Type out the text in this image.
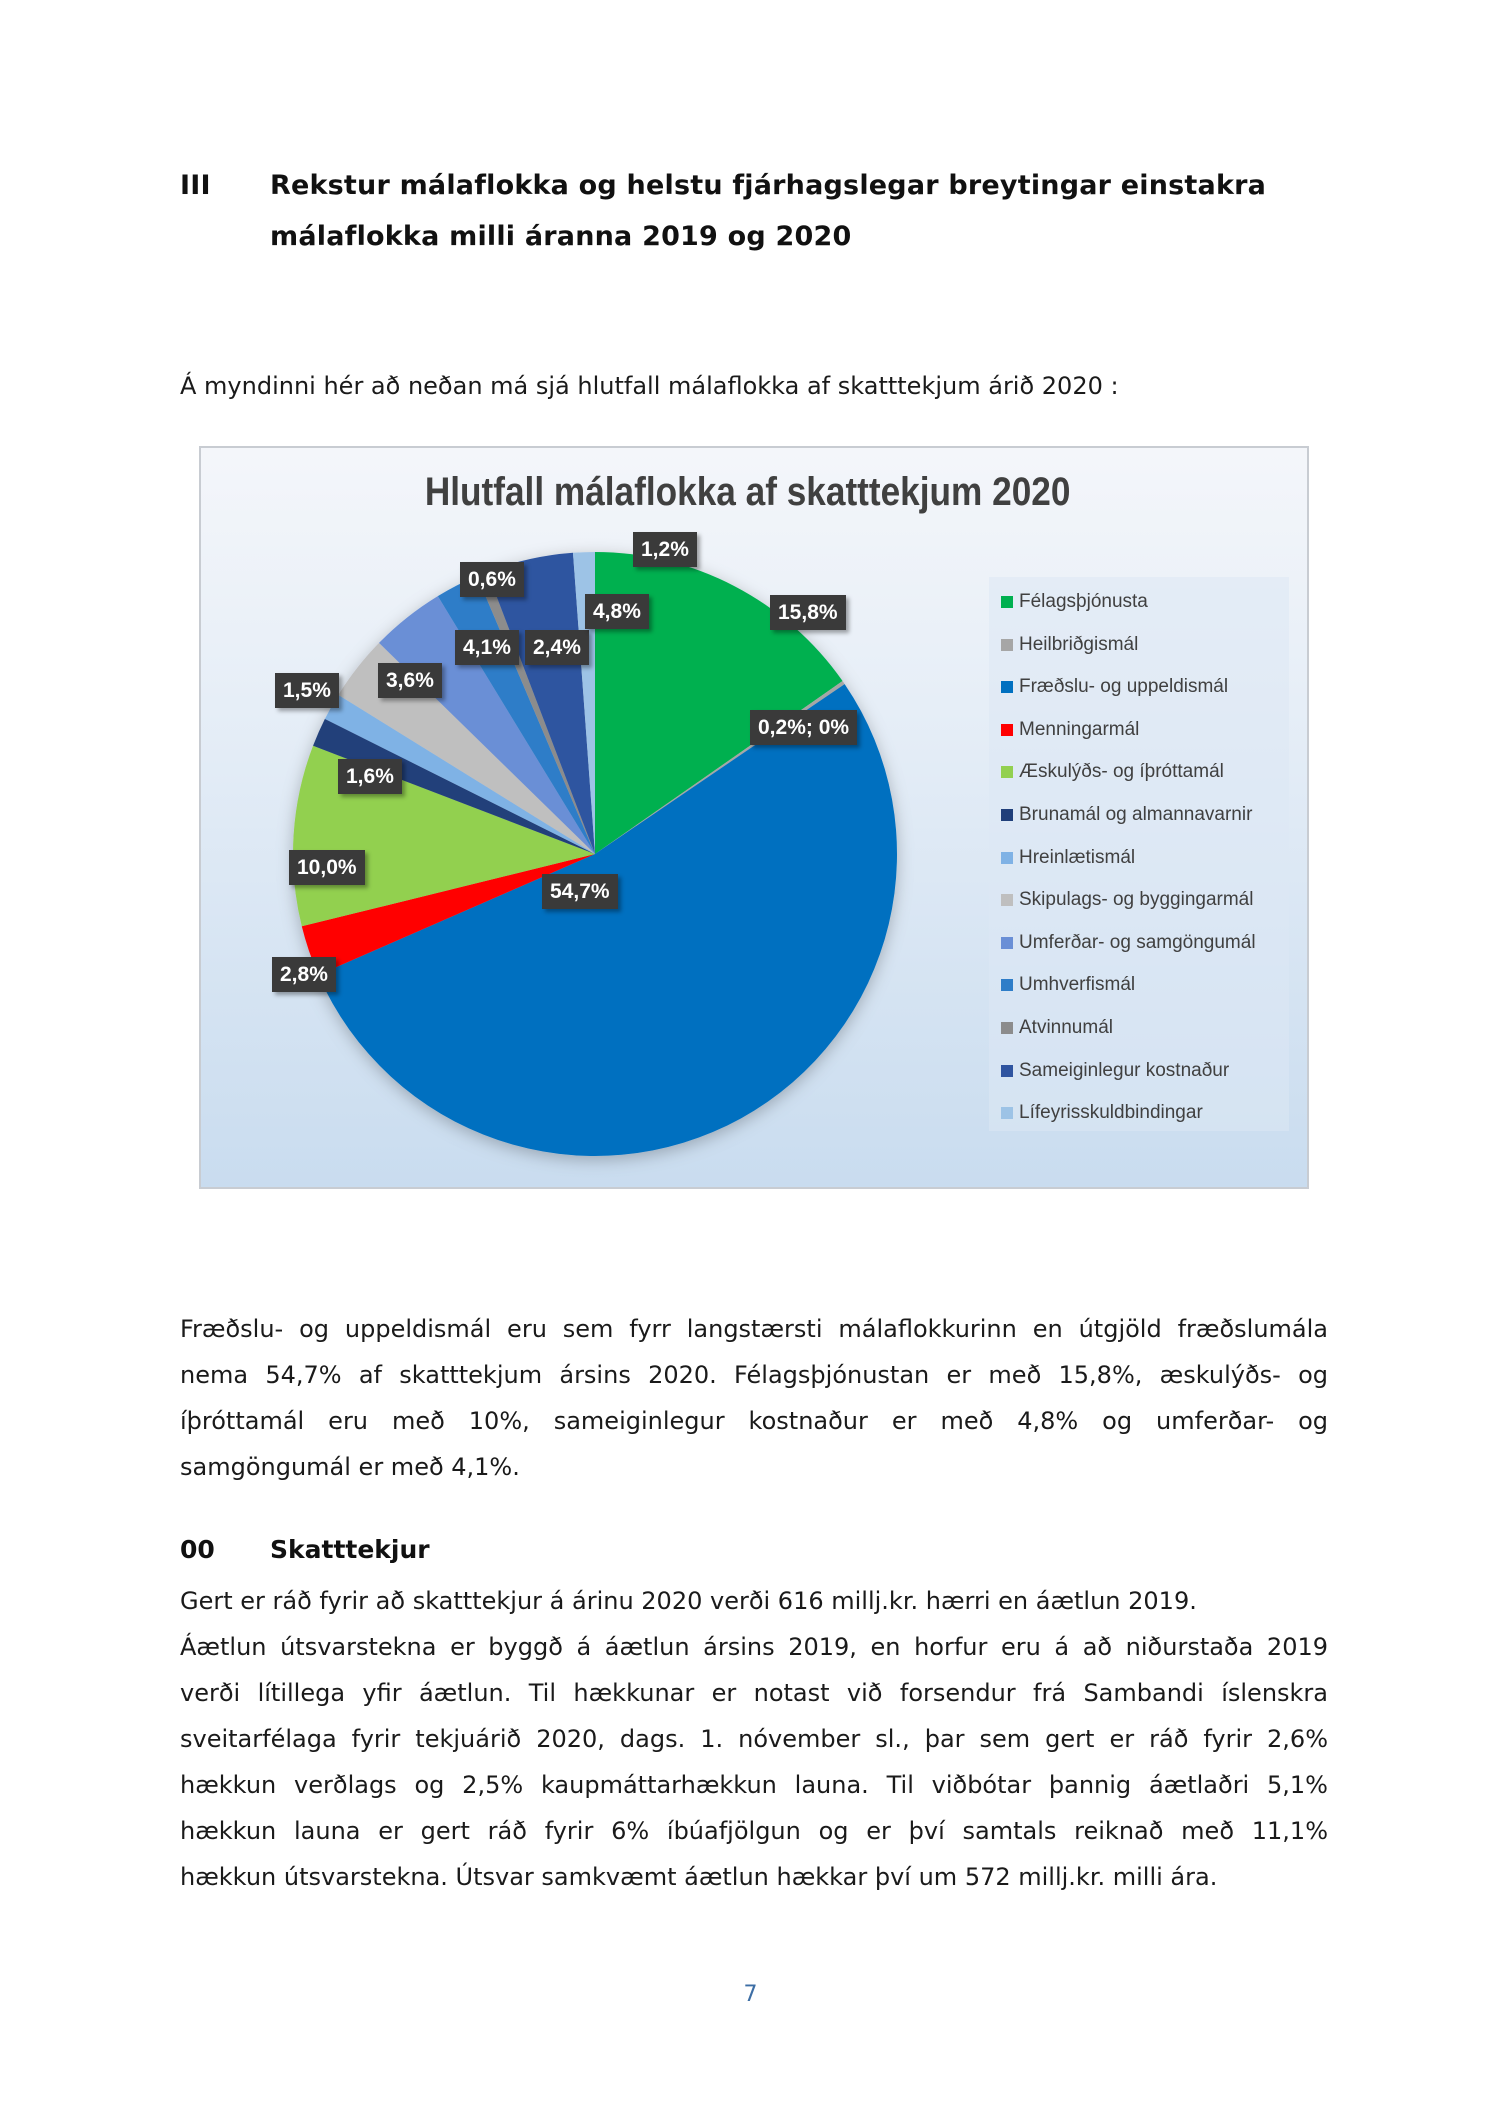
III Rekstur málaflokka og helstu fjárhagslegar breytingar einstakra
málaflokka milli áranna 2019 og 2020
Á myndinni hér að neðan má sjá hlutfall málaflokka af skatttekjum árið 2020 :
Hlutfall málaflokka af skatttekjum 2020
15,8%
0,2%; 0%
54,7%
2,8%
10,0%
1,6%
1,5%	3,6%
4,1%	2,4%
0,6%
4,8%
1,2%
Félagsþjónusta
Heilbriðgismál
Fræðslu- og uppeldismál
Menningarmál
Æskulýðs- og íþróttamál
Brunamál og almannavarnir
Hreinlætismál
Skipulags- og byggingarmál
Umferðar- og samgöngumál
Umhverfismál
Atvinnumál
Sameiginlegur kostnaður
Lífeyrisskuldbindingar
Fræðslu- og uppeldismál eru sem fyrr langstærsti málaflokkurinn en útgjöld fræðslumála
nema 54,7% af skatttekjum ársins 2020. Félagsþjónustan er með 15,8%, æskulýðs- og
íþróttamál eru með 10%, sameiginlegur kostnaður er með 4,8% og umferðar- og
samgöngumál er með 4,1%.
00 Skatttekjur
Gert er ráð fyrir að skatttekjur á árinu 2020 verði 616 millj.kr. hærri en áætlun 2019.
Áætlun útsvarstekna er byggð á áætlun ársins 2019, en horfur eru á að niðurstaða 2019
verði lítillega yfir áætlun. Til hækkunar er notast við forsendur frá Sambandi íslenskra
sveitarfélaga fyrir tekjuárið 2020, dags. 1. nóvember sl., þar sem gert er ráð fyrir 2,6%
hækkun verðlags og 2,5% kaupmáttarhækkun launa. Til viðbótar þannig áætlaðri 5,1%
hækkun launa er gert ráð fyrir 6% íbúafjölgun og er því samtals reiknað með 11,1%
hækkun útsvarstekna. Útsvar samkvæmt áætlun hækkar því um 572 millj.kr. milli ára.
7
